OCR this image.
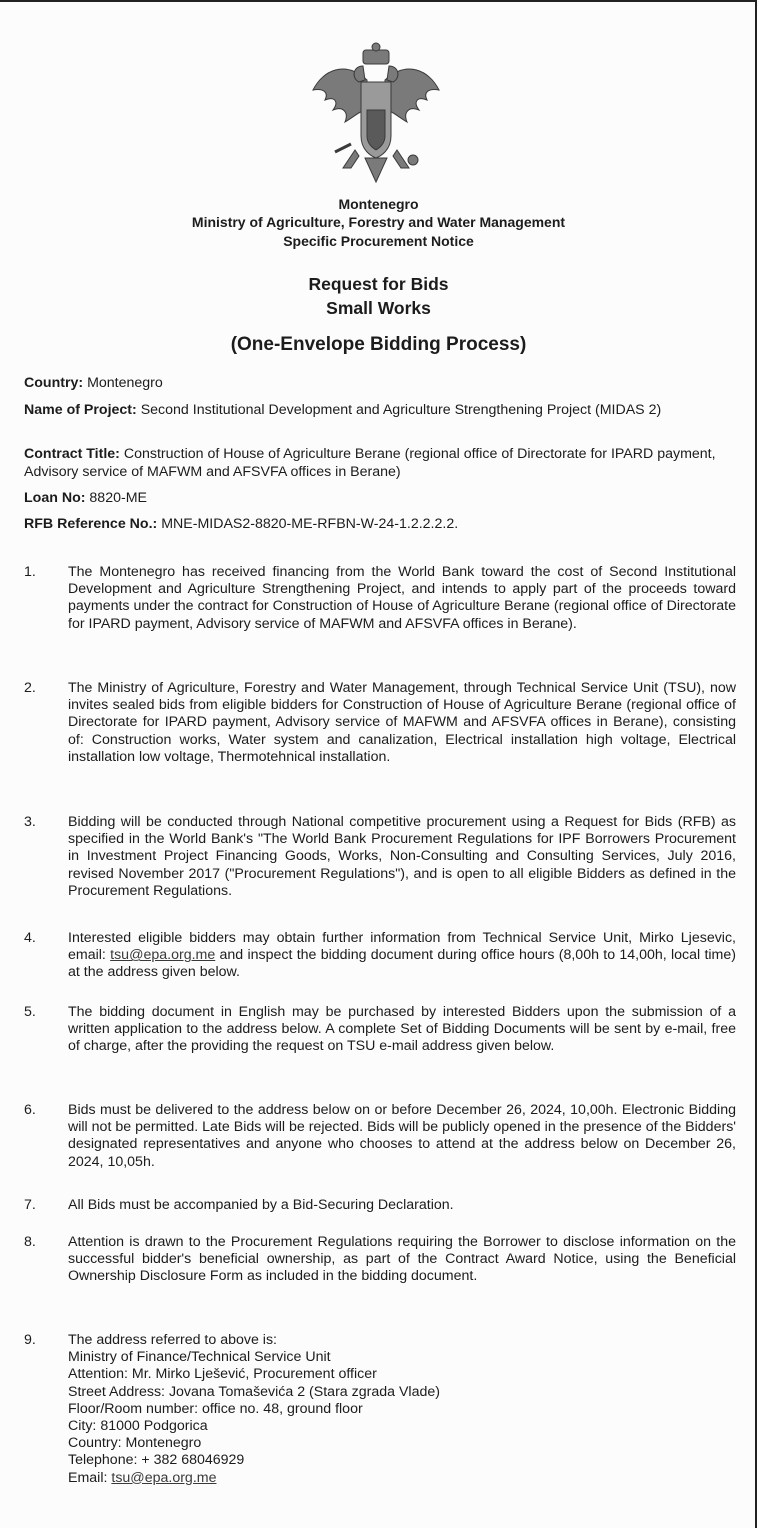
Montenegro
Ministry of Agriculture, Forestry and Water Management
Specific Procurement Notice
Request for Bids
Small Works
(One-Envelope Bidding Process)
Country: Montenegro
Name of Project: Second Institutional Development and Agriculture Strengthening Project (MIDAS 2)
Contract Title: Construction of House of Agriculture Berane (regional office of Directorate for IPARD payment, Advisory service of MAFWM and AFSVFA offices in Berane)
Loan No: 8820-ME
RFB Reference No.: MNE-MIDAS2-8820-ME-RFBN-W-24-1.2.2.2.2.
1.	The Montenegro has received financing from the World Bank toward the cost of Second Institutional Development and Agriculture Strengthening Project, and intends to apply part of the proceeds toward payments under the contract for Construction of House of Agriculture Berane (regional office of Directorate for IPARD payment, Advisory service of MAFWM and AFSVFA offices in Berane).
2.	The Ministry of Agriculture, Forestry and Water Management, through Technical Service Unit (TSU), now invites sealed bids from eligible bidders for Construction of House of Agriculture Berane (regional office of Directorate for IPARD payment, Advisory service of MAFWM and AFSVFA offices in Berane), consisting of: Construction works, Water system and canalization, Electrical installation high voltage, Electrical installation low voltage, Thermotehnical installation.
3.	Bidding will be conducted through National competitive procurement using a Request for Bids (RFB) as specified in the World Bank's "The World Bank Procurement Regulations for IPF Borrowers Procurement in Investment Project Financing Goods, Works, Non-Consulting and Consulting Services, July 2016, revised November 2017 ("Procurement Regulations"), and is open to all eligible Bidders as defined in the Procurement Regulations.
4.	Interested eligible bidders may obtain further information from Technical Service Unit, Mirko Ljesevic, email: tsu@epa.org.me and inspect the bidding document during office hours (8,00h to 14,00h, local time) at the address given below.
5.	The bidding document in English may be purchased by interested Bidders upon the submission of a written application to the address below. A complete Set of Bidding Documents will be sent by e-mail, free of charge, after the providing the request on TSU e-mail address given below.
6.	Bids must be delivered to the address below on or before December 26, 2024, 10,00h. Electronic Bidding will not be permitted. Late Bids will be rejected. Bids will be publicly opened in the presence of the Bidders' designated representatives and anyone who chooses to attend at the address below on December 26, 2024, 10,05h.
7.	All Bids must be accompanied by a Bid-Securing Declaration.
8.	Attention is drawn to the Procurement Regulations requiring the Borrower to disclose information on the successful bidder's beneficial ownership, as part of the Contract Award Notice, using the Beneficial Ownership Disclosure Form as included in the bidding document.
9.	The address referred to above is:
Ministry of Finance/Technical Service Unit
Attention: Mr. Mirko Lješević, Procurement officer
Street Address: Jovana Tomaševića 2 (Stara zgrada Vlade)
Floor/Room number: office no. 48, ground floor
City: 81000 Podgorica
Country: Montenegro
Telephone: + 382 68046929
Email: tsu@epa.org.me
